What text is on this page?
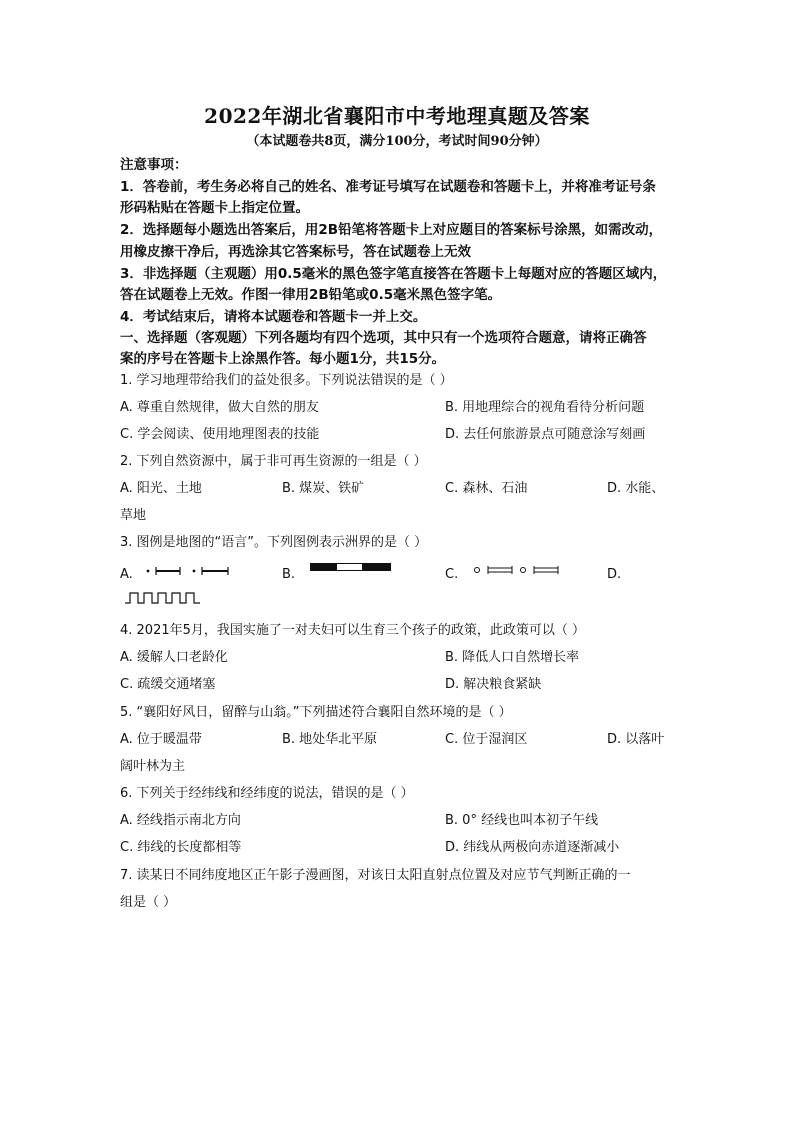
2022年湖北省襄阳市中考地理真题及答案
（本试题卷共8页，满分100分，考试时间90分钟）
注意事项：
1．答卷前，考生务必将自己的姓名、准考证号填写在试题卷和答题卡上，并将准考证号条
形码粘贴在答题卡上指定位置。
2．选择题每小题选出答案后，用2B铅笔将答题卡上对应题目的答案标号涂黑，如需改动，
用橡皮擦干净后，再选涂其它答案标号，答在试题卷上无效
3．非选择题（主观题）用0.5毫米的黑色签字笔直接答在答题卡上每题对应的答题区域内，
答在试题卷上无效。作图一律用2B铅笔或0.5毫米黑色签字笔。
4．考试结束后，请将本试题卷和答题卡一并上交。
一、选择题（客观题）下列各题均有四个选项，其中只有一个选项符合题意，请将正确答
案的序号在答题卡上涂黑作答。每小题1分，共15分。
1. 学习地理带给我们的益处很多。下列说法错误的是（ ）
A. 尊重自然规律，做大自然的朋友	B. 用地理综合的视角看待分析问题
C. 学会阅读、使用地理图表的技能	D. 去任何旅游景点可随意涂写刻画
2. 下列自然资源中，属于非可再生资源的一组是（ ）
A. 阳光、土地	B. 煤炭、铁矿	C. 森林、石油	D. 水能、
草地
3. 图例是地图的“语言”。下列图例表示洲界的是（ ）
A.	B.	C.	D.
4. 2021年5月，我国实施了一对夫妇可以生育三个孩子的政策，此政策可以（ ）
A. 缓解人口老龄化	B. 降低人口自然增长率
C. 疏缓交通堵塞	D. 解决粮食紧缺
5. “襄阳好风日，留醉与山翁。”下列描述符合襄阳自然环境的是（ ）
A. 位于暖温带	B. 地处华北平原	C. 位于湿润区	D. 以落叶
阔叶林为主
6. 下列关于经纬线和经纬度的说法，错误的是（ ）
A. 经线指示南北方向	B. 0° 经线也叫本初子午线
C. 纬线的长度都相等	D. 纬线从两极向赤道逐渐减小
7. 读某日不同纬度地区正午影子漫画图，对该日太阳直射点位置及对应节气判断正确的一
组是（ ）
